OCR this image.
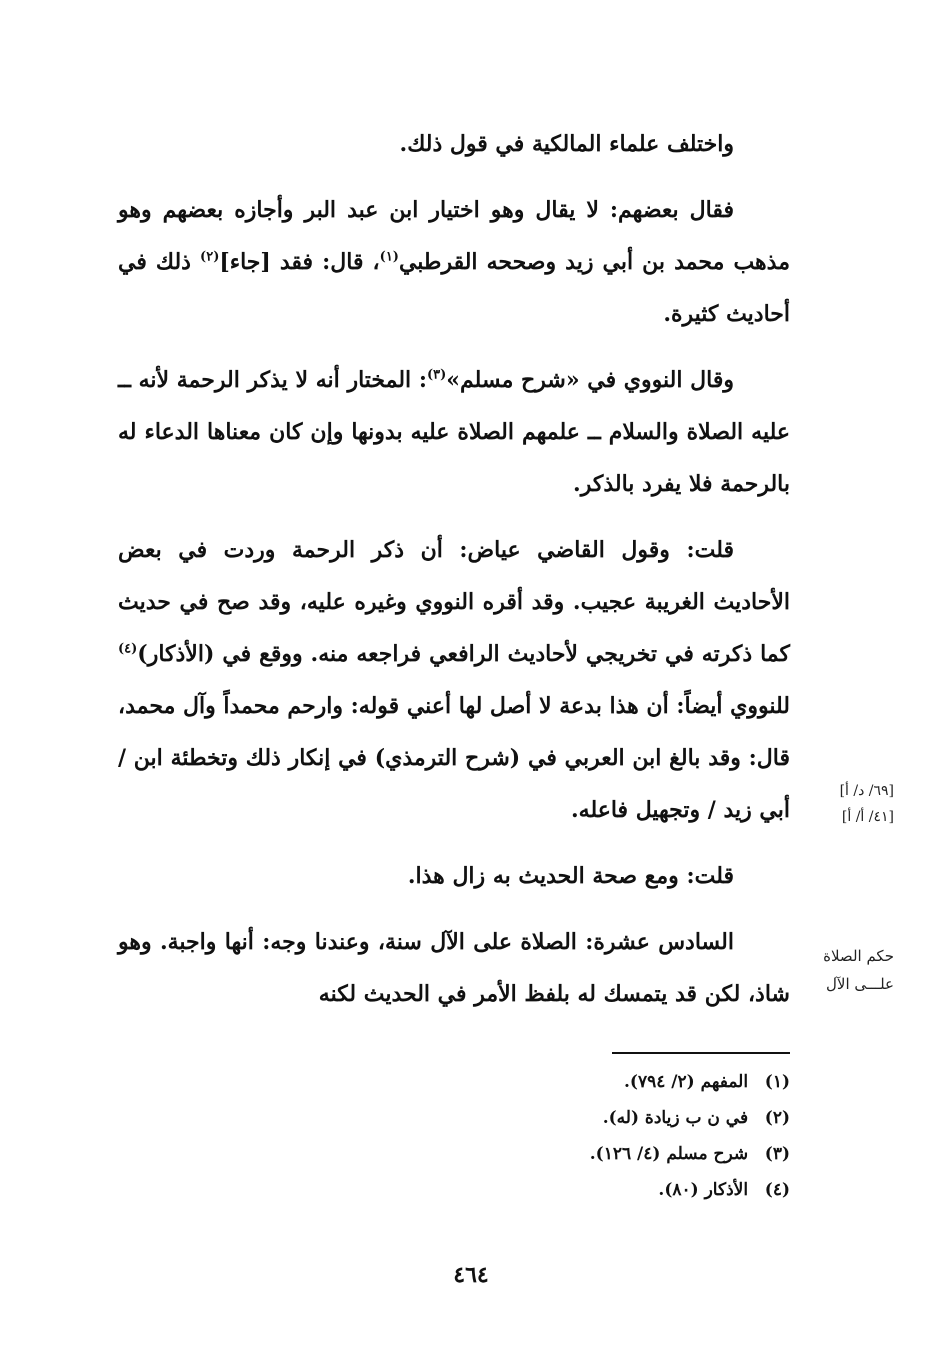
واختلف علماء المالكية في قول ذلك.

فقال بعضهم: لا يقال وهو اختيار ابن عبد البر وأجازه بعضهم وهو مذهب محمد بن أبي زيد وصححه القرطبي$^{(١)}$، قال: فقد [جاء]$^{(٢)}$ ذلك في أحاديث كثيرة.

وقال النووي في «شرح مسلم»$^{(٣)}$: المختار أنه لا يذكر الرحمة لأنه ــ عليه الصلاة والسلام ــ علمهم الصلاة عليه بدونها وإن كان معناها الدعاء له بالرحمة فلا يفرد بالذكر.

قلت: وقول القاضي عياض: أن ذكر الرحمة وردت في بعض الأحاديث الغريبة عجيب. وقد أقره النووي وغيره عليه، وقد صح في حديث كما ذكرته في تخريجي لأحاديث الرافعي فراجعه منه. ووقع في (الأذكار)$^{(٤)}$ للنووي أيضاً: أن هذا بدعة لا أصل لها أعني قوله: وارحم محمداً وآل محمد، قال: وقد بالغ ابن العربي في (شرح الترمذي) في إنكار ذلك وتخطئة ابن / أبي زيد / وتجهيل فاعله.

قلت: ومع صحة الحديث به زال هذا.

السادس عشرة: الصلاة على الآل سنة، وعندنا وجه: أنها واجبة. وهو شاذ، لكن قد يتمسك له بلفظ الأمر في الحديث لكنه

[٦٩/ د/ أ]
[٤١/ أ/ أ]
حكم الصلاة
علـــى الآل
(١) المفهم (٢/ ٧٩٤).
(٢) في ن ب زيادة (له).
(٣) شرح مسلم (٤/ ١٢٦).
(٤) الأذكار (٨٠).
٤٦٤
